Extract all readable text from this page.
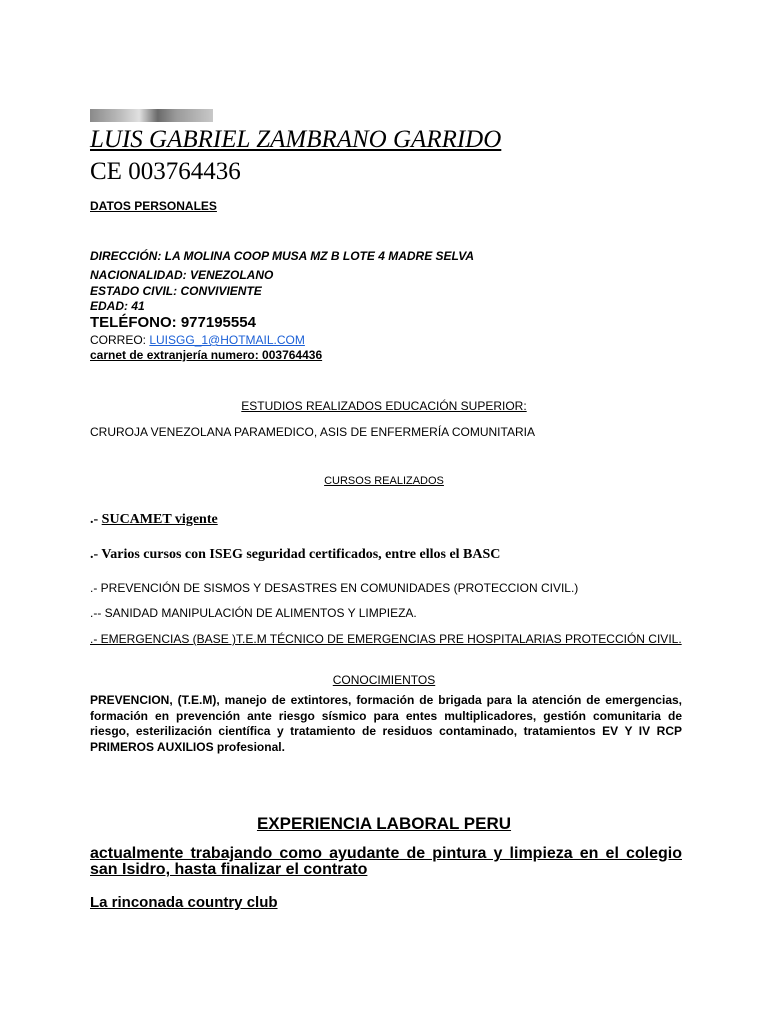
LUIS GABRIEL ZAMBRANO GARRIDO
CE 003764436
DATOS PERSONALES
DIRECCIÓN: LA MOLINA COOP MUSA MZ B LOTE 4 MADRE SELVA
NACIONALIDAD: VENEZOLANO
ESTADO CIVIL: CONVIVIENTE
EDAD: 41
TELÉFONO: 977195554
CORREO: LUISGG_1@HOTMAIL.COM
carnet de extranjería numero: 003764436
ESTUDIOS REALIZADOS EDUCACIÓN SUPERIOR:
CRUROJA VENEZOLANA PARAMEDICO, ASIS DE ENFERMERÍA COMUNITARIA
CURSOS REALIZADOS
.- SUCAMET vigente
.- Varios cursos con ISEG seguridad certificados, entre ellos el BASC
.- PREVENCIÓN DE SISMOS Y DESASTRES EN COMUNIDADES (PROTECCION CIVIL.)
.-- SANIDAD MANIPULACIÓN DE ALIMENTOS Y LIMPIEZA.
.- EMERGENCIAS (BASE )T.E.M TÉCNICO DE EMERGENCIAS PRE HOSPITALARIAS PROTECCIÓN CIVIL.
CONOCIMIENTOS
PREVENCION, (T.E.M), manejo de extintores, formación de brigada para la atención de emergencias, formación en prevención ante riesgo sísmico para entes multiplicadores, gestión comunitaria de riesgo, esterilización científica y tratamiento de residuos contaminado, tratamientos EV Y IV RCP PRIMEROS AUXILIOS profesional.
EXPERIENCIA LABORAL PERU
actualmente trabajando como ayudante de pintura y limpieza en el colegio san Isidro, hasta finalizar el contrato
La rinconada country club
